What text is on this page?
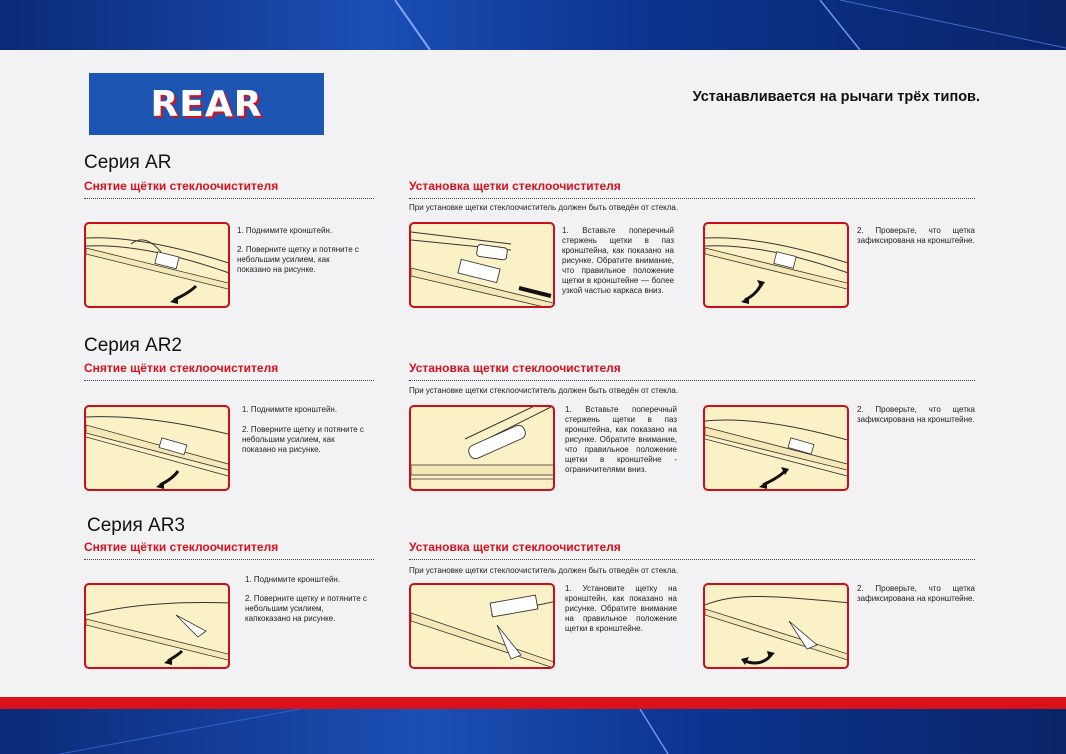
REAR	Устанавливается на рычаги трёх типов.
Серия AR
Снятие щётки стеклоочистителя
1. Поднимите кронштейн.
2. Поверните щетку и потяните с небольшим усилием, как показано на рисунке.
Установка щетки стеклоочистителя
При установке щетки стеклоочиститель должен быть отведён от стекла.
1. Вставьте поперечный стержень щетки в паз кронштейна, как показано на рисунке. Обратите внимание, что правильное положение щетки в кронштейне — более узкой частью каркаса вниз.
2. Проверьте, что щетка зафиксирована на кронштейне.
Серия AR2
Снятие щётки стеклоочистителя
1. Поднимите кронштейн.
2. Поверните щетку и потяните с небольшим усилием, как показано на рисунке.
Установка щетки стеклоочистителя
При установке щетки стеклоочиститель должен быть отведён от стекла.
1. Вставьте поперечный стержень щетки в паз кронштейна, как показано на рисунке. Обратите внимание, что правильное положение щетки в кронштейне - ограничителями вниз.
2. Проверьте, что щетка зафиксирована на кронштейне.
Серия AR3
Снятие щётки стеклоочистителя
1. Поднимите кронштейн.
2. Поверните щетку и потяните с небольшим усилием, капкоказано на рисунке.
Установка щетки стеклоочистителя
При установке щетки стеклоочиститель должен быть отведён от стекла.
1. Установите щетку на кронштейн, как показано на рисунке. Обратите внимание на правильное положение щетки в кронштейне.
2. Проверьте, что щетка зафиксирована на кронштейне.
